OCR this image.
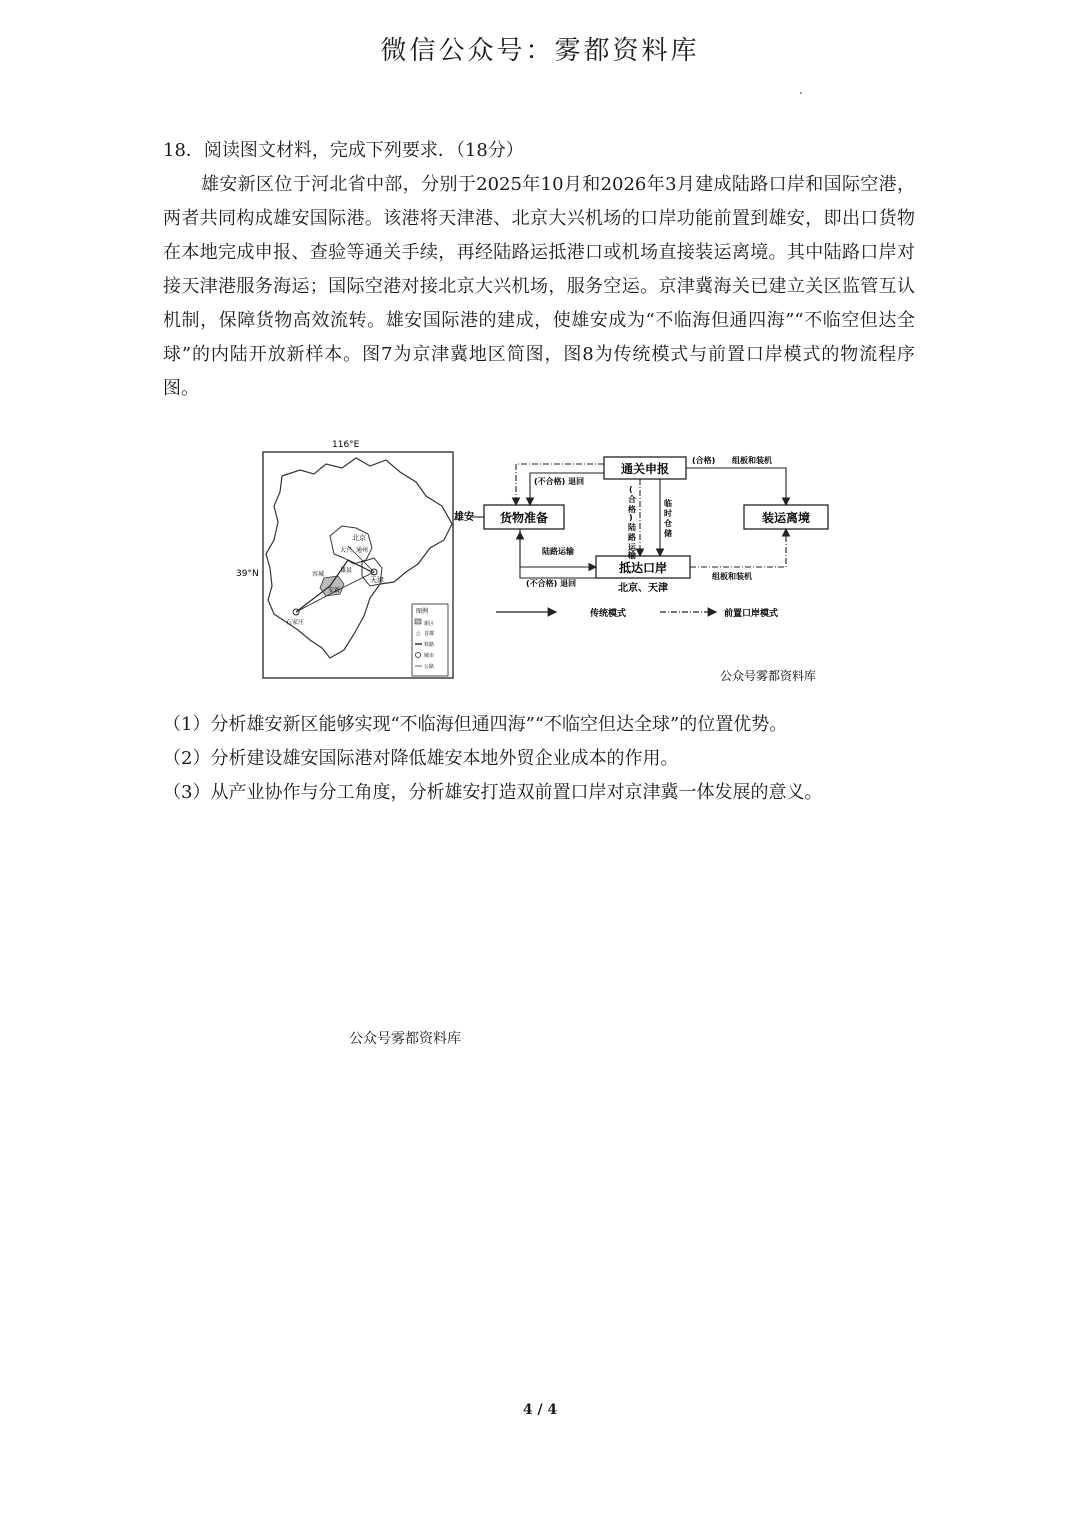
微信公众号：雾都资料库
18．阅读图文材料，完成下列要求．（18分）

雄安新区位于河北省中部，分别于2025年10月和2026年3月建成陆路口岸和国际空港，两者共同构成雄安国际港。该港将天津港、北京大兴机场的口岸功能前置到雄安，即出口货物在本地完成申报、查验等通关手续，再经陆路运抵港口或机场直接装运离境。其中陆路口岸对接天津港服务海运；国际空港对接北京大兴机场，服务空运。京津冀海关已建立关区监管互认机制，保障货物高效流转。雄安国际港的建成，使雄安成为“不临海但通四海”“不临空但达全球”的内陆开放新样本。图7为京津冀地区简图，图8为传统模式与前置口岸模式的物流程序图。

116°E
39°N
北京
大兴 通州
容城
雄县
安新
天津
石家庄
图例
新区
☆ 首都
铁路
城市
公路
雄安 货物准备
通关申报
抵达口岸
北京、天津
装运离境
陆路运输
(不合格) 退回
(合格) 组板和装机
(不合格) 退回
(
合
格
)
陆
路
运
输
临
时
仓
储
组板和装机
传统模式	前置口岸模式
公众号雾都资料库
（1）分析雄安新区能够实现“不临海但通四海”“不临空但达全球”的位置优势。
（2）分析建设雄安国际港对降低雄安本地外贸企业成本的作用。
（3）从产业协作与分工角度，分析雄安打造双前置口岸对京津冀一体发展的意义。
公众号雾都资料库
4 / 4
